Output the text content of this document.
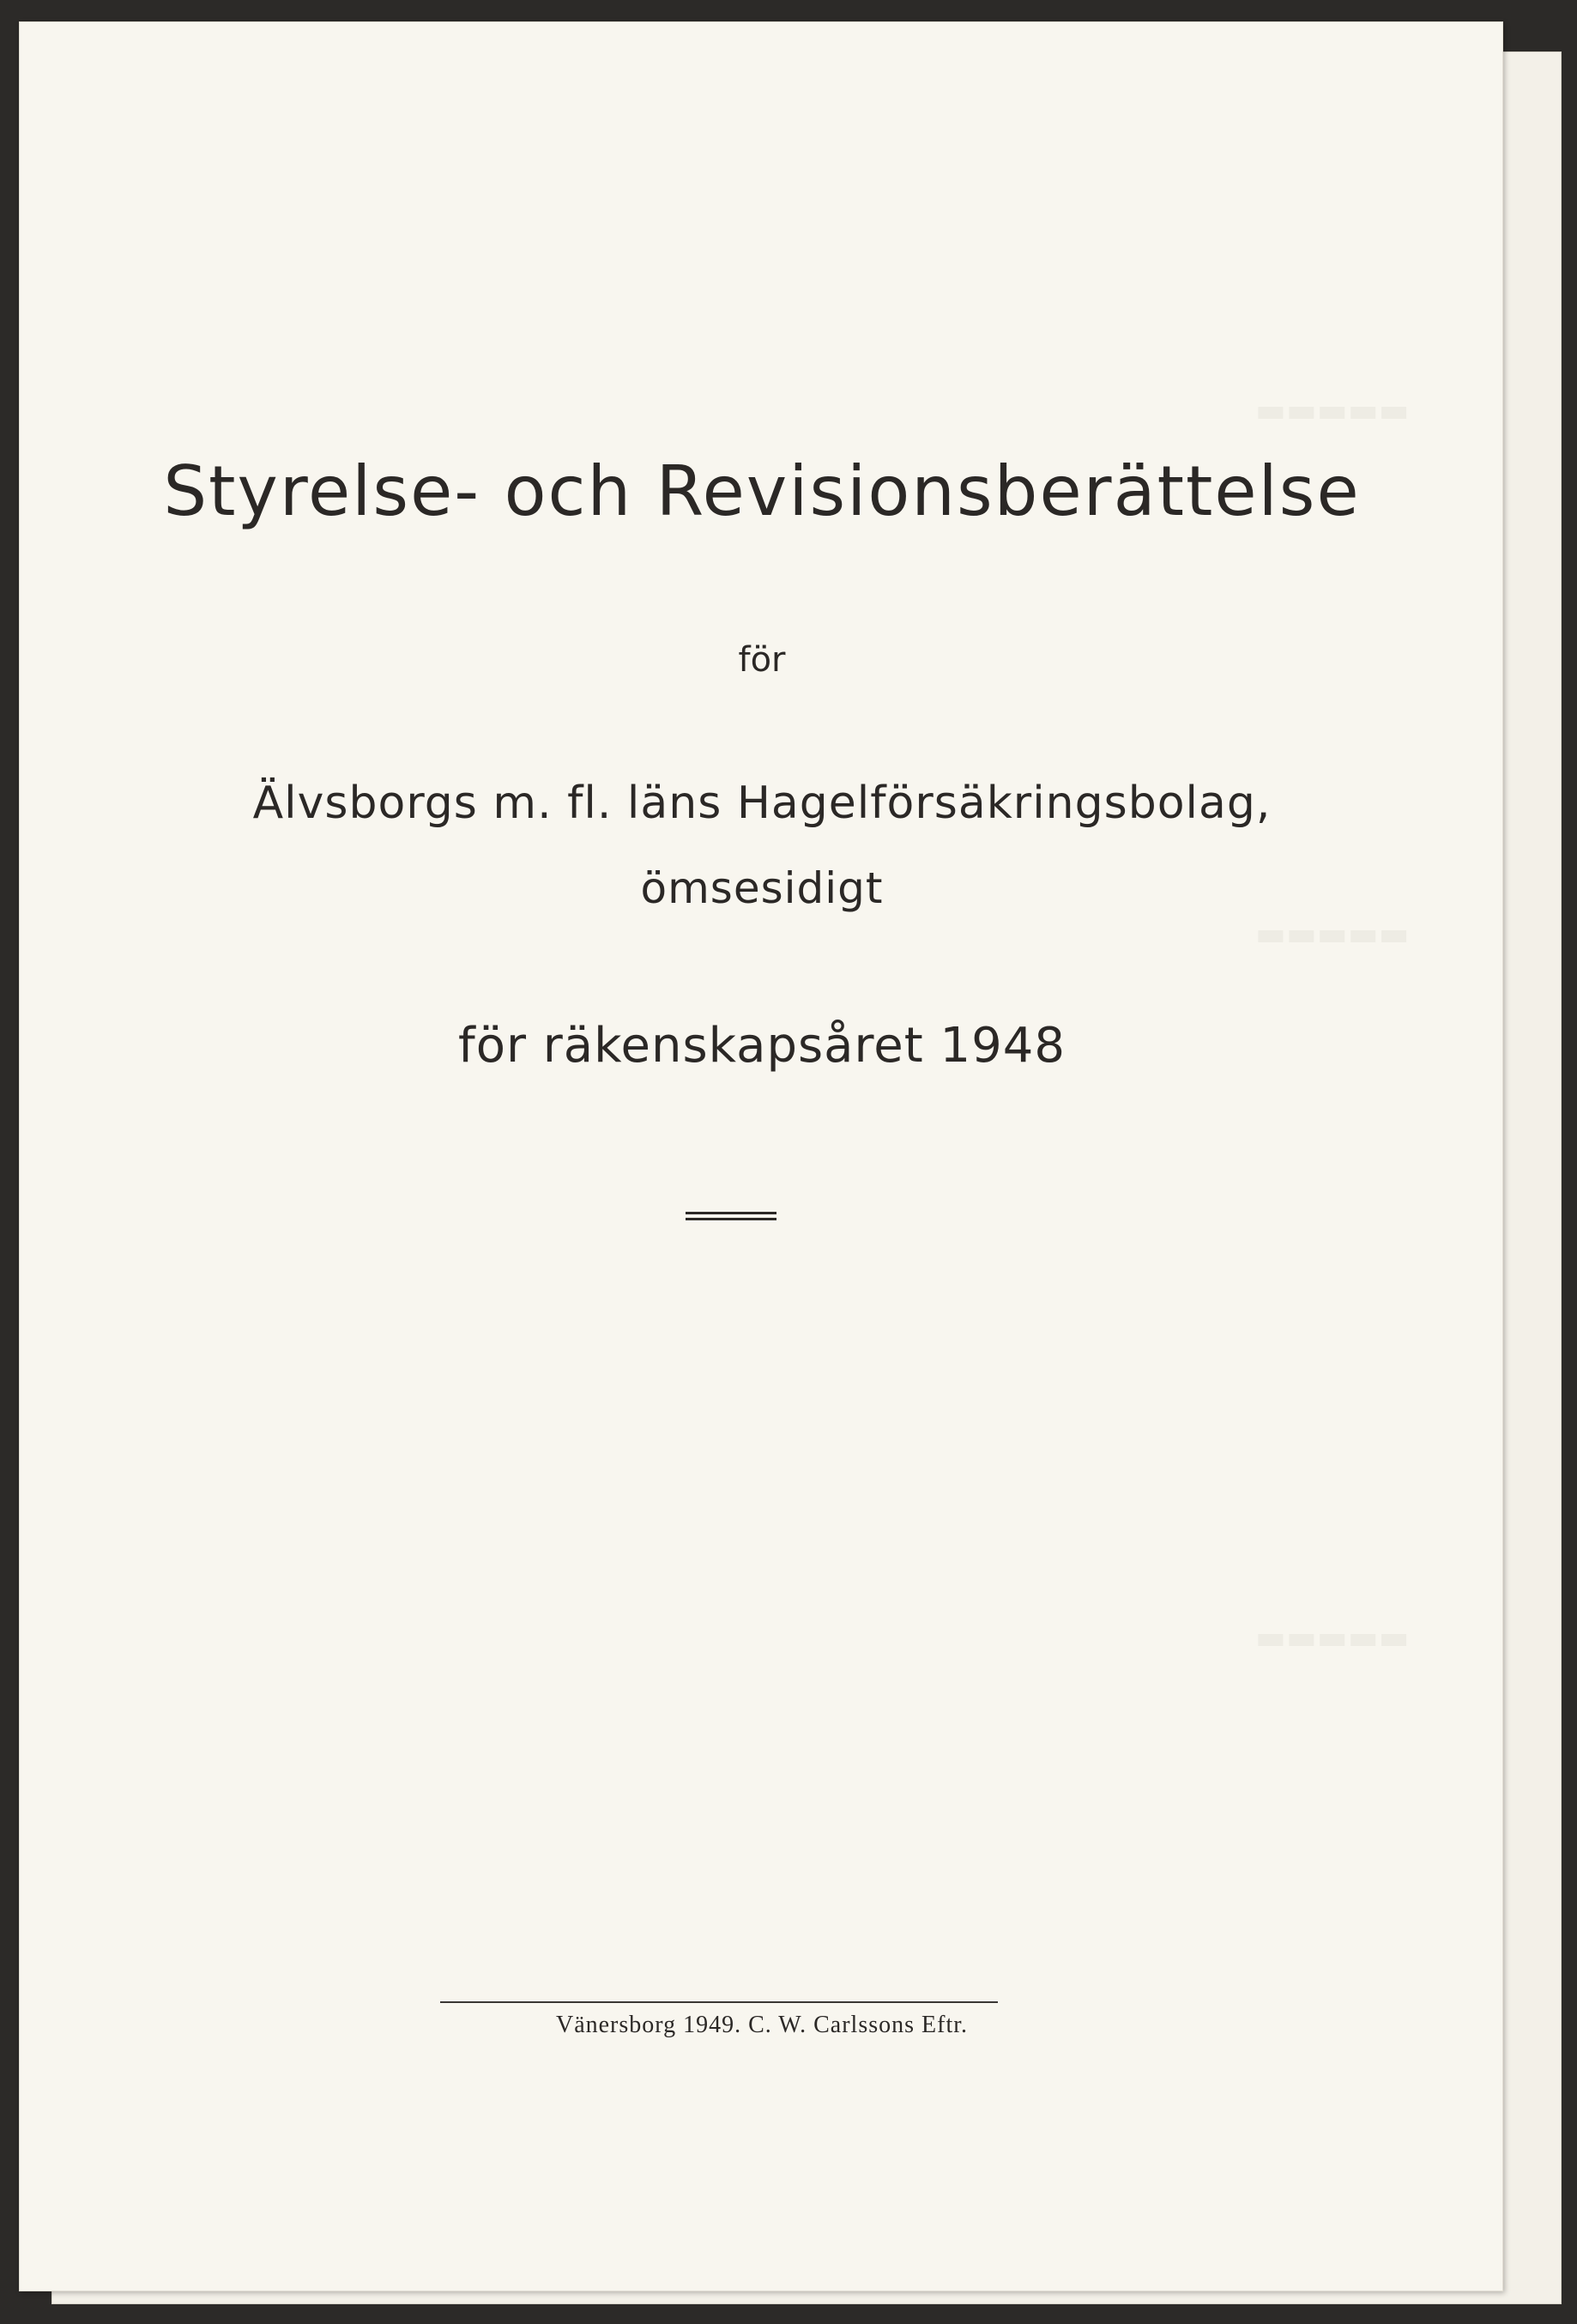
▬▬▬▬▬
▬▬▬▬▬
▬▬▬▬▬
Styrelse- och Revisionsberättelse
för
Älvsborgs m. fl. läns Hagelförsäkringsbolag,
ömsesidigt
för räkenskapsåret 1948
Vänersborg 1949. C. W. Carlssons Eftr.
